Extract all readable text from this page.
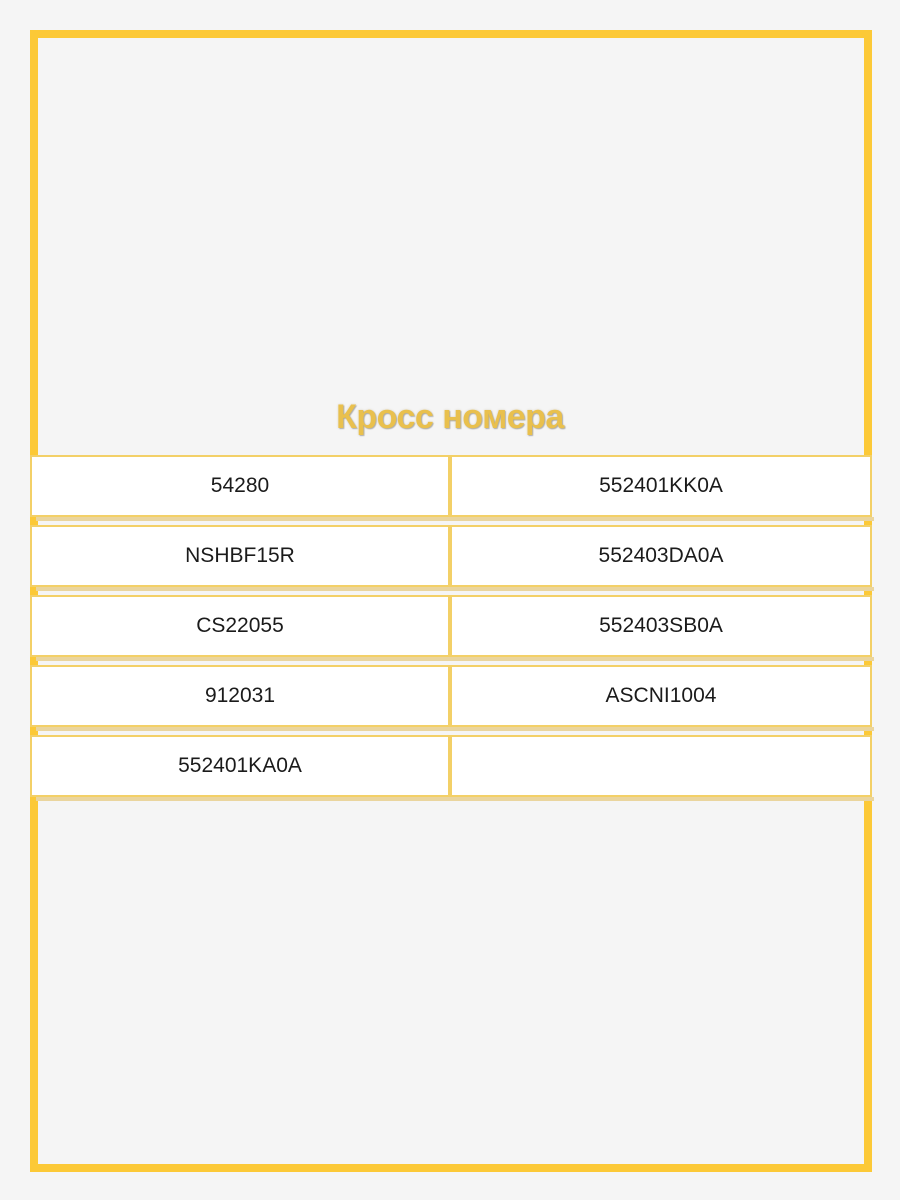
Кросс номера
54280	552401KK0A
NSHBF15R	552403DA0A
CS22055	552403SB0A
912031	ASCNI1004
552401KA0A
